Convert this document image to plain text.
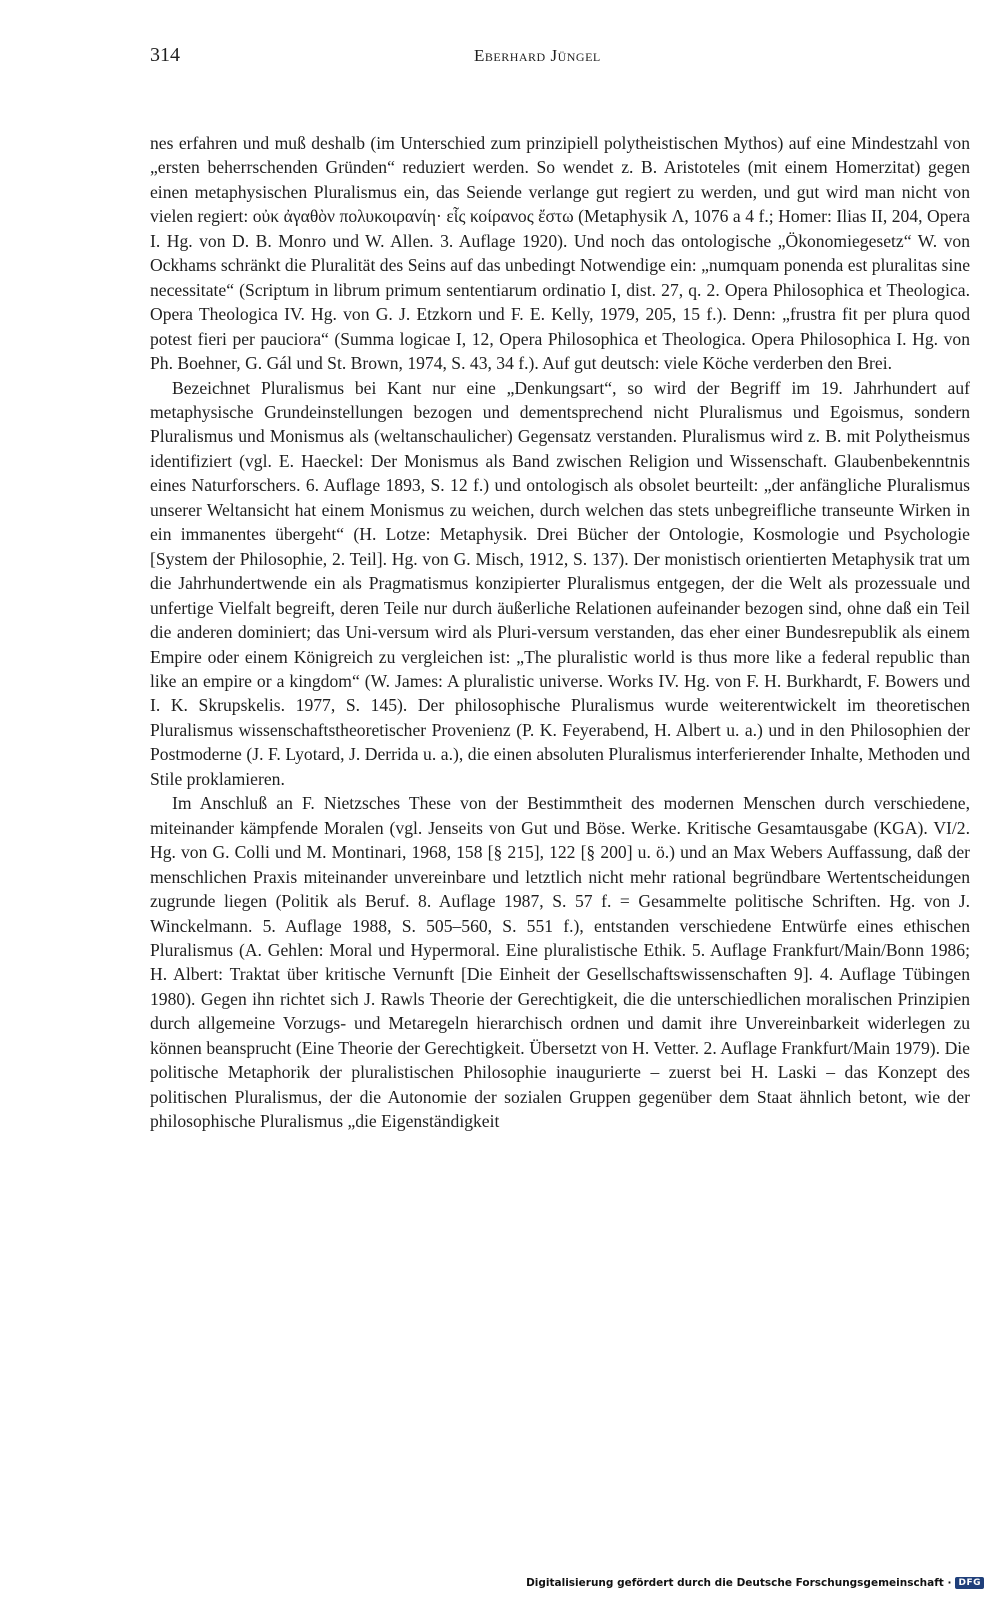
314	Eberhard Jüngel

nes erfahren und muß deshalb (im Unterschied zum prinzipiell polytheistischen Mythos) auf eine Mindestzahl von „ersten beherrschenden Gründen“ reduziert werden. So wendet z. B. Aristoteles (mit einem Homerzitat) gegen einen metaphysischen Pluralismus ein, das Seiende verlange gut regiert zu werden, und gut wird man nicht von vielen regiert: οὐκ ἀγαθὸν πολυκοιρανίη· εἷς κοίρανος ἔστω (Metaphysik Λ, 1076 a 4 f.; Homer: Ilias II, 204, Opera I. Hg. von D. B. Monro und W. Allen. 3. Auflage 1920). Und noch das ontologische „Ökonomiegesetz“ W. von Ockhams schränkt die Pluralität des Seins auf das unbedingt Notwendige ein: „numquam ponenda est pluralitas sine necessitate“ (Scriptum in librum primum sententiarum ordinatio I, dist. 27, q. 2. Opera Philosophica et Theologica. Opera Theologica IV. Hg. von G. J. Etzkorn und F. E. Kelly, 1979, 205, 15 f.). Denn: „frustra fit per plura quod potest fieri per pauciora“ (Summa logicae I, 12, Opera Philosophica et Theologica. Opera Philosophica I. Hg. von Ph. Boehner, G. Gál und St. Brown, 1974, S. 43, 34 f.). Auf gut deutsch: viele Köche verderben den Brei.

Bezeichnet Pluralismus bei Kant nur eine „Denkungsart“, so wird der Begriff im 19. Jahrhundert auf metaphysische Grundeinstellungen bezogen und dementsprechend nicht Pluralismus und Egoismus, sondern Pluralismus und Monismus als (weltanschaulicher) Gegensatz verstanden. Pluralismus wird z. B. mit Polytheismus identifiziert (vgl. E. Haeckel: Der Monismus als Band zwischen Religion und Wissenschaft. Glaubenbekenntnis eines Naturforschers. 6. Auflage 1893, S. 12 f.) und ontologisch als obsolet beurteilt: „der anfängliche Pluralismus unserer Weltansicht hat einem Monismus zu weichen, durch welchen das stets unbegreifliche transeunte Wirken in ein immanentes übergeht“ (H. Lotze: Metaphysik. Drei Bücher der Ontologie, Kosmologie und Psychologie [System der Philosophie, 2. Teil]. Hg. von G. Misch, 1912, S. 137). Der monistisch orientierten Metaphysik trat um die Jahrhundertwende ein als Pragmatismus konzipierter Pluralismus entgegen, der die Welt als prozessuale und unfertige Vielfalt begreift, deren Teile nur durch äußerliche Relationen aufeinander bezogen sind, ohne daß ein Teil die anderen dominiert; das Uni-versum wird als Pluri-versum verstanden, das eher einer Bundesrepublik als einem Empire oder einem Königreich zu vergleichen ist: „The pluralistic world is thus more like a federal republic than like an empire or a kingdom“ (W. James: A pluralistic universe. Works IV. Hg. von F. H. Burkhardt, F. Bowers und I. K. Skrupskelis. 1977, S. 145). Der philosophische Pluralismus wurde weiterentwickelt im theoretischen Pluralismus wissenschaftstheoretischer Provenienz (P. K. Feyerabend, H. Albert u. a.) und in den Philosophien der Postmoderne (J. F. Lyotard, J. Derrida u. a.), die einen absoluten Pluralismus interferierender Inhalte, Methoden und Stile proklamieren.

Im Anschluß an F. Nietzsches These von der Bestimmtheit des modernen Menschen durch verschiedene, miteinander kämpfende Moralen (vgl. Jenseits von Gut und Böse. Werke. Kritische Gesamtausgabe (KGA). VI/2. Hg. von G. Colli und M. Montinari, 1968, 158 [§ 215], 122 [§ 200] u. ö.) und an Max Webers Auffassung, daß der menschlichen Praxis miteinander unvereinbare und letztlich nicht mehr rational begründbare Wertentscheidungen zugrunde liegen (Politik als Beruf. 8. Auflage 1987, S. 57 f. = Gesammelte politische Schriften. Hg. von J. Winckelmann. 5. Auflage 1988, S. 505–560, S. 551 f.), entstanden verschiedene Entwürfe eines ethischen Pluralismus (A. Gehlen: Moral und Hypermoral. Eine pluralistische Ethik. 5. Auflage Frankfurt/Main/Bonn 1986; H. Albert: Traktat über kritische Vernunft [Die Einheit der Gesellschaftswissenschaften 9]. 4. Auflage Tübingen 1980). Gegen ihn richtet sich J. Rawls Theorie der Gerechtigkeit, die die unterschiedlichen moralischen Prinzipien durch allgemeine Vorzugs- und Metaregeln hierarchisch ordnen und damit ihre Unvereinbarkeit widerlegen zu können beansprucht (Eine Theorie der Gerechtigkeit. Übersetzt von H. Vetter. 2. Auflage Frankfurt/Main 1979). Die politische Metaphorik der pluralistischen Philosophie inaugurierte – zuerst bei H. Laski – das Konzept des politischen Pluralismus, der die Autonomie der sozialen Gruppen gegenüber dem Staat ähnlich betont, wie der philosophische Pluralismus „die Eigenständigkeit

Digitalisierung gefördert durch die Deutsche Forschungsgemeinschaft · DFG
